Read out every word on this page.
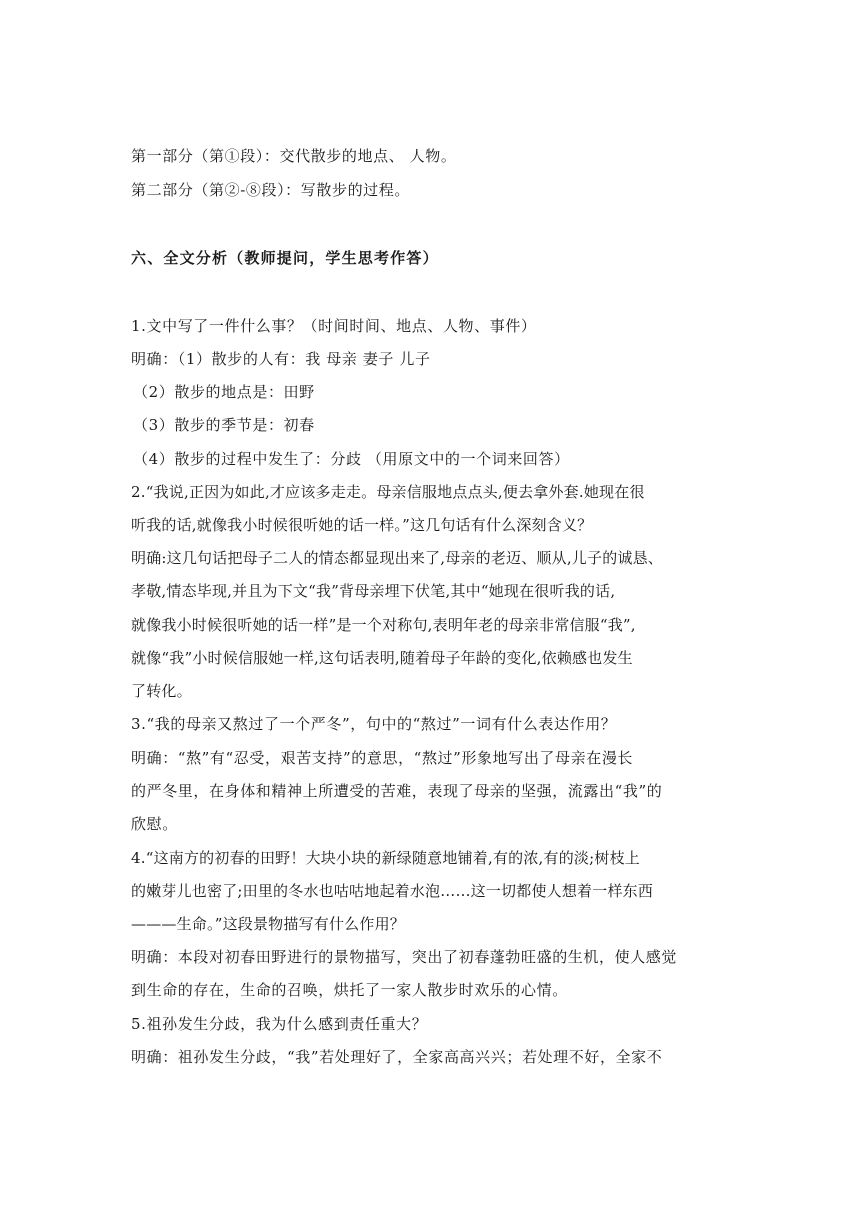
第一部分（第①段）：交代散步的地点、 人物。
第二部分（第②-⑧段）：写散步的过程。
六、全文分析（教师提问，学生思考作答）
1.文中写了一件什么事？（时间时间、地点、人物、事件）
明确：（1）散步的人有：我 母亲 妻子 儿子
（2）散步的地点是：田野
（3）散步的季节是：初春
（4）散步的过程中发生了：分歧 （用原文中的一个词来回答）
2.“我说,正因为如此,才应该多走走。母亲信服地点点头,便去拿外套.她现在很
听我的话,就像我小时候很听她的话一样。”这几句话有什么深刻含义？
明确:这几句话把母子二人的情态都显现出来了,母亲的老迈、顺从,儿子的诚恳、
孝敬,情态毕现,并且为下文“我”背母亲埋下伏笔,其中“她现在很听我的话,
就像我小时候很听她的话一样”是一个对称句,表明年老的母亲非常信服“我”,
就像“我”小时候信服她一样,这句话表明,随着母子年龄的变化,依赖感也发生
了转化。
3.“我的母亲又熬过了一个严冬”，句中的“熬过”一词有什么表达作用？
明确：“熬”有“忍受，艰苦支持”的意思，“熬过”形象地写出了母亲在漫长
的严冬里，在身体和精神上所遭受的苦难，表现了母亲的坚强，流露出“我”的
欣慰。
4.“这南方的初春的田野！大块小块的新绿随意地铺着,有的浓,有的淡;树枝上
的嫩芽儿也密了;田里的冬水也咕咕地起着水泡……这一切都使人想着一样东西
———生命。”这段景物描写有什么作用？
明确：本段对初春田野进行的景物描写，突出了初春蓬勃旺盛的生机，使人感觉
到生命的存在，生命的召唤，烘托了一家人散步时欢乐的心情。
5.祖孙发生分歧，我为什么感到责任重大？
明确：祖孙发生分歧，“我”若处理好了，全家高高兴兴；若处理不好，全家不
